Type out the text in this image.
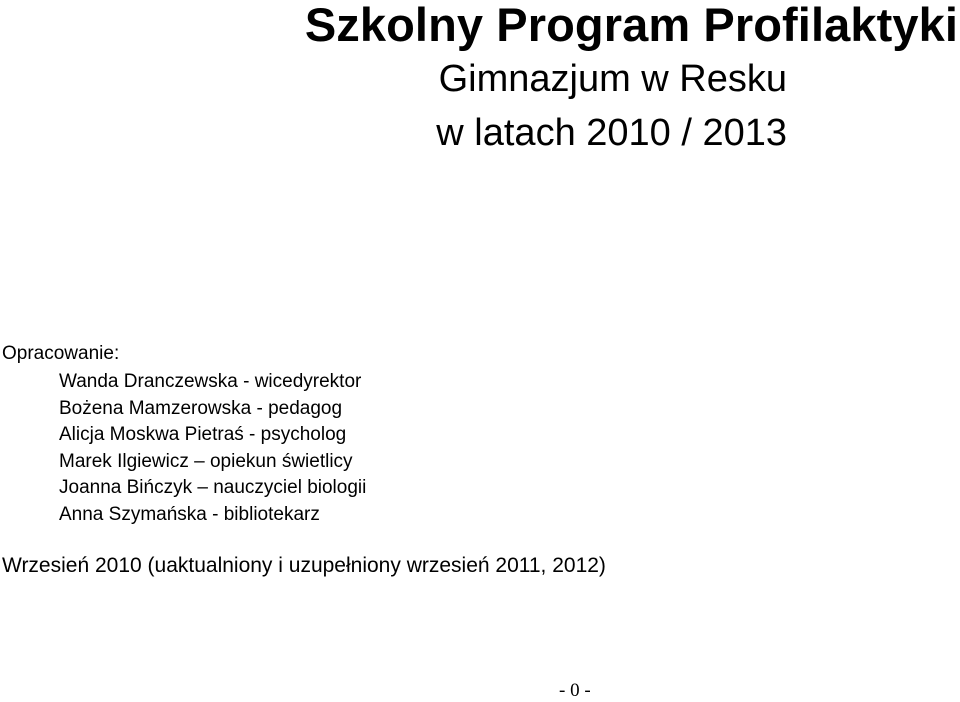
Szkolny Program Profilaktyki
Gimnazjum w Resku
w latach 2010 / 2013
Opracowanie:
Wanda Dranczewska - wicedyrektor
Bożena Mamzerowska - pedagog
Alicja Moskwa Pietraś - psycholog
Marek Ilgiewicz – opiekun świetlicy
Joanna Bińczyk – nauczyciel biologii
Anna Szymańska - bibliotekarz
Wrzesień 2010 (uaktualniony i uzupełniony wrzesień 2011, 2012)
- 0 -
